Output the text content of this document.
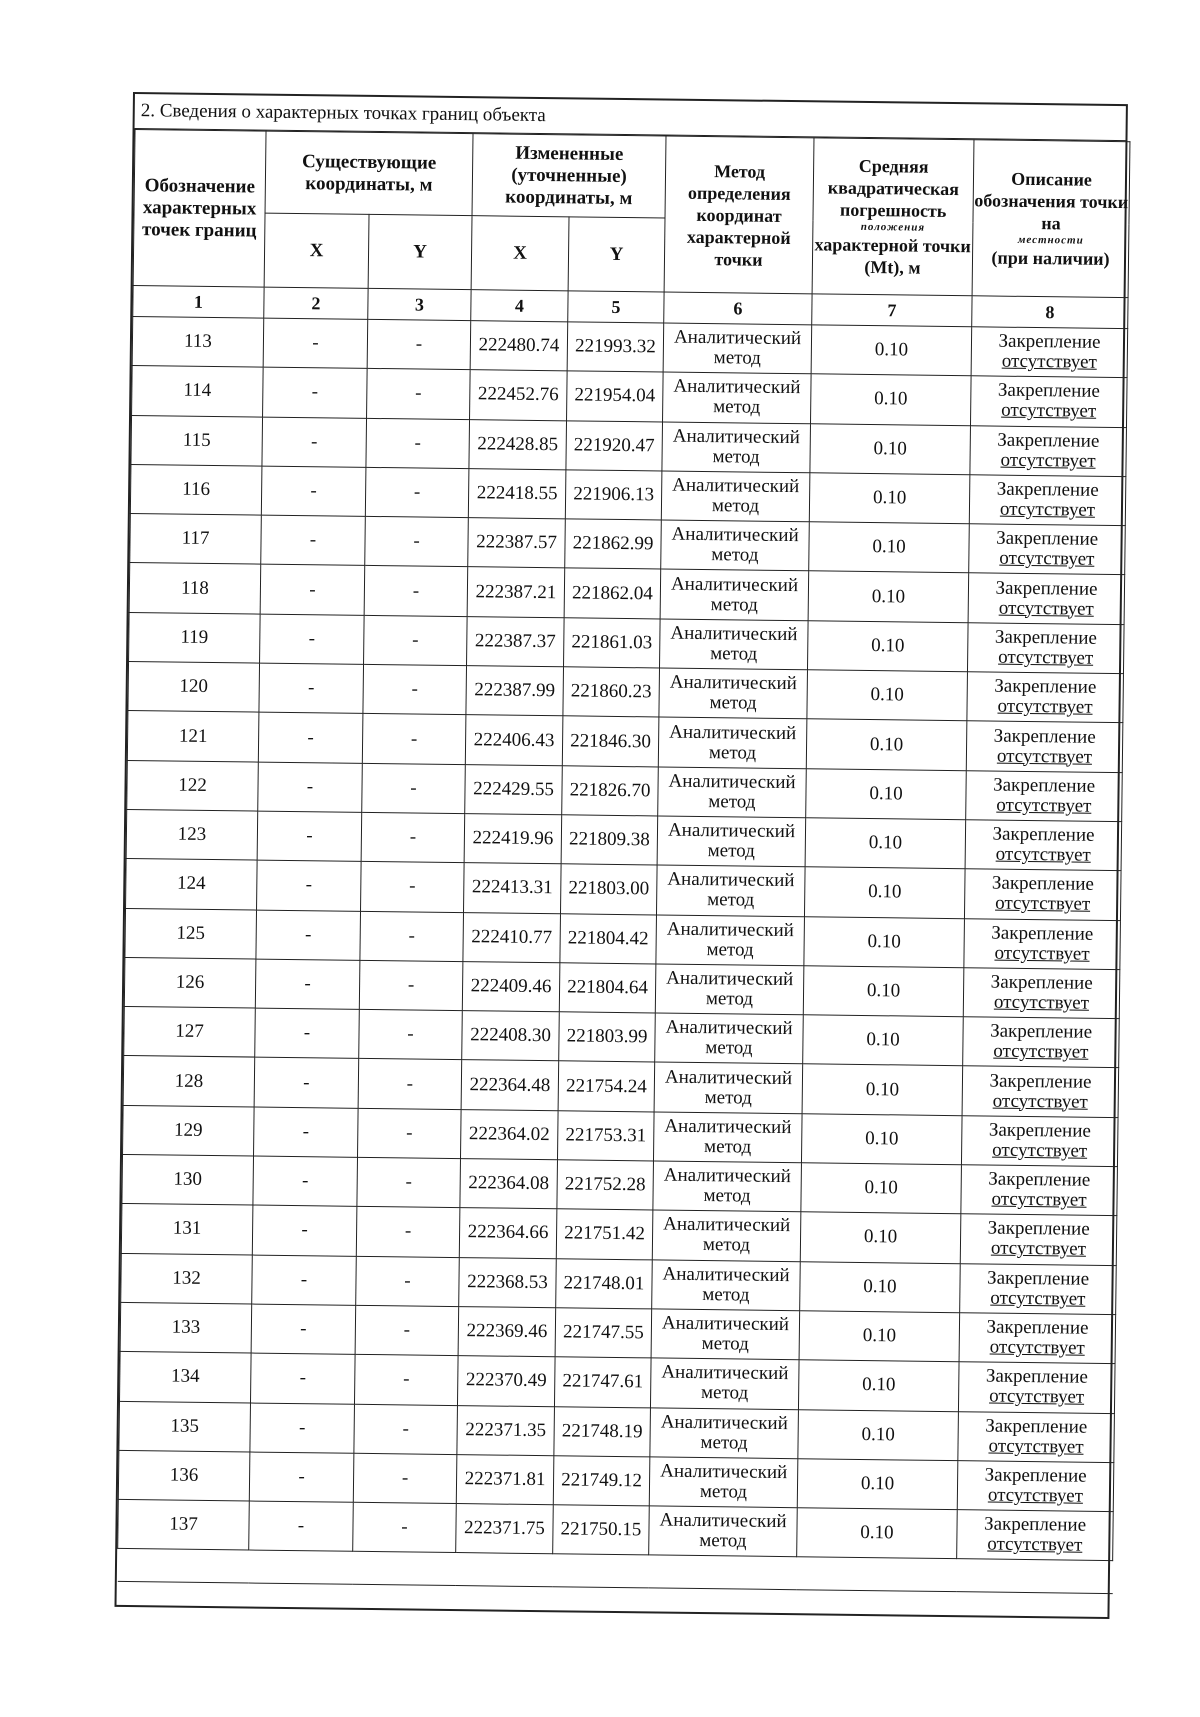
2. Сведения о характерных точках границ объекта
Обозначение характерных точек границ	Существующие координаты, м		Измененные (уточненные) координаты, м		Метод определения координат характерной точки	Средняя квадратическая погрешность
положения
характерной точки (Mt), м	Описание обозначения точки на
местности
(при наличии)
	X	Y	X	Y			
1	2	3	4	5	6	7	8
113	-	-	222480.74	221993.32	Аналитический
метод	0.10	Закрепление
отсутствует
114	-	-	222452.76	221954.04	Аналитический
метод	0.10	Закрепление
отсутствует
115	-	-	222428.85	221920.47	Аналитический
метод	0.10	Закрепление
отсутствует
116	-	-	222418.55	221906.13	Аналитический
метод	0.10	Закрепление
отсутствует
117	-	-	222387.57	221862.99	Аналитический
метод	0.10	Закрепление
отсутствует
118	-	-	222387.21	221862.04	Аналитический
метод	0.10	Закрепление
отсутствует
119	-	-	222387.37	221861.03	Аналитический
метод	0.10	Закрепление
отсутствует
120	-	-	222387.99	221860.23	Аналитический
метод	0.10	Закрепление
отсутствует
121	-	-	222406.43	221846.30	Аналитический
метод	0.10	Закрепление
отсутствует
122	-	-	222429.55	221826.70	Аналитический
метод	0.10	Закрепление
отсутствует
123	-	-	222419.96	221809.38	Аналитический
метод	0.10	Закрепление
отсутствует
124	-	-	222413.31	221803.00	Аналитический
метод	0.10	Закрепление
отсутствует
125	-	-	222410.77	221804.42	Аналитический
метод	0.10	Закрепление
отсутствует
126	-	-	222409.46	221804.64	Аналитический
метод	0.10	Закрепление
отсутствует
127	-	-	222408.30	221803.99	Аналитический
метод	0.10	Закрепление
отсутствует
128	-	-	222364.48	221754.24	Аналитический
метод	0.10	Закрепление
отсутствует
129	-	-	222364.02	221753.31	Аналитический
метод	0.10	Закрепление
отсутствует
130	-	-	222364.08	221752.28	Аналитический
метод	0.10	Закрепление
отсутствует
131	-	-	222364.66	221751.42	Аналитический
метод	0.10	Закрепление
отсутствует
132	-	-	222368.53	221748.01	Аналитический
метод	0.10	Закрепление
отсутствует
133	-	-	222369.46	221747.55	Аналитический
метод	0.10	Закрепление
отсутствует
134	-	-	222370.49	221747.61	Аналитический
метод	0.10	Закрепление
отсутствует
135	-	-	222371.35	221748.19	Аналитический
метод	0.10	Закрепление
отсутствует
136	-	-	222371.81	221749.12	Аналитический
метод	0.10	Закрепление
отсутствует
137	-	-	222371.75	221750.15	Аналитический
метод	0.10	Закрепление
отсутствует
